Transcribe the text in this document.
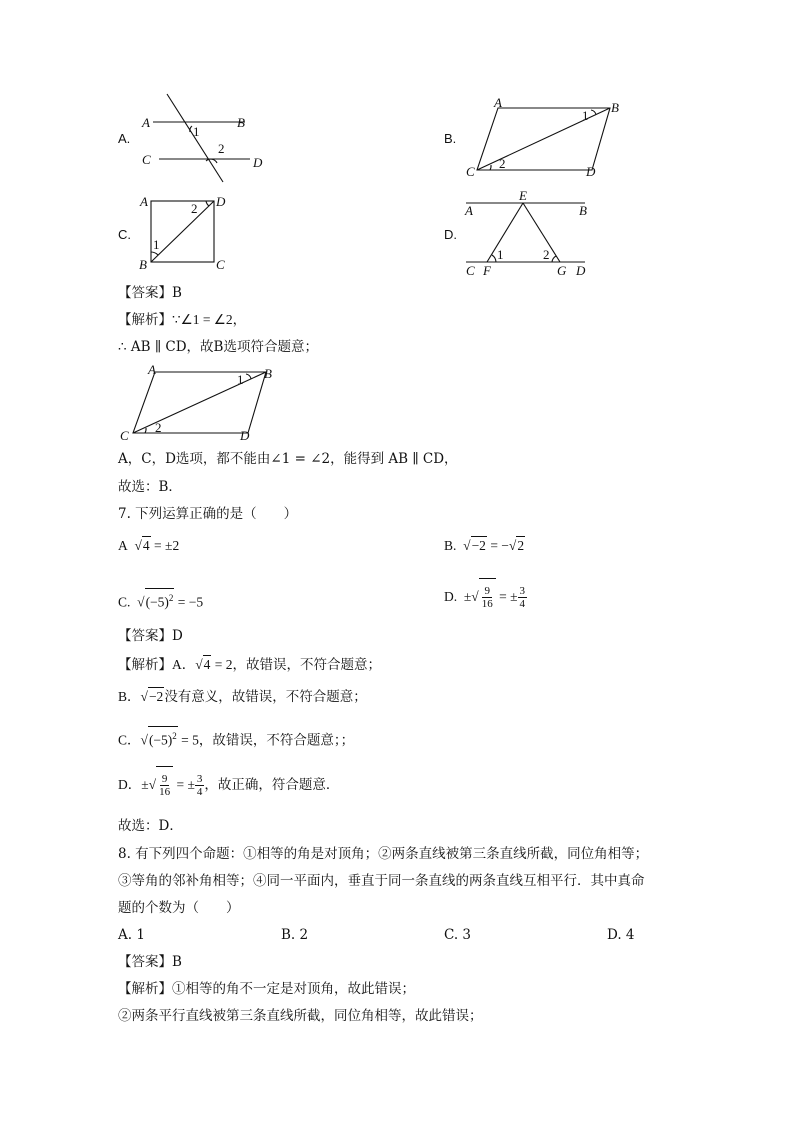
A.
A	B
C	D
1
2
B.
A	B
C	D
1
2
C.
A	D
B	C
1
2
D.
E
A	B
C F	G D
1	2
【答案】B
【解析】∵∠1 = ∠2，
∴ AB ∥ CD，故B选项符合题意；
A	B
C	D
1
2
A，C，D选项，都不能由∠1 = ∠2，能得到 AB ∥ CD，
故选：B．
7. 下列运算正确的是（　　）
A  √4 = ±2	B.  √−2 = −√2
C.  $√(-5)^2 = -5$	D. ±√ $\frac{9}{16}$ = ± $\frac{3}{4}$
【答案】D
【解析】A．√4 = 2，故错误，不符合题意；
B．√−2没有意义，故错误，不符合题意；
C．$√(-5)^2 = 5$，故错误，不符合题意；；
D．±√ $\frac{9}{16}$ = ± $\frac{3}{4}$ ，故正确，符合题意．
故选：D．
8. 有下列四个命题：①相等的角是对顶角；②两条直线被第三条直线所截，同位角相等；
③等角的邻补角相等；④同一平面内，垂直于同一条直线的两条直线互相平行．其中真命
题的个数为（　　）
A. 1	B. 2	C. 3	D. 4
【答案】B
【解析】①相等的角不一定是对顶角，故此错误；
②两条平行直线被第三条直线所截，同位角相等，故此错误；
